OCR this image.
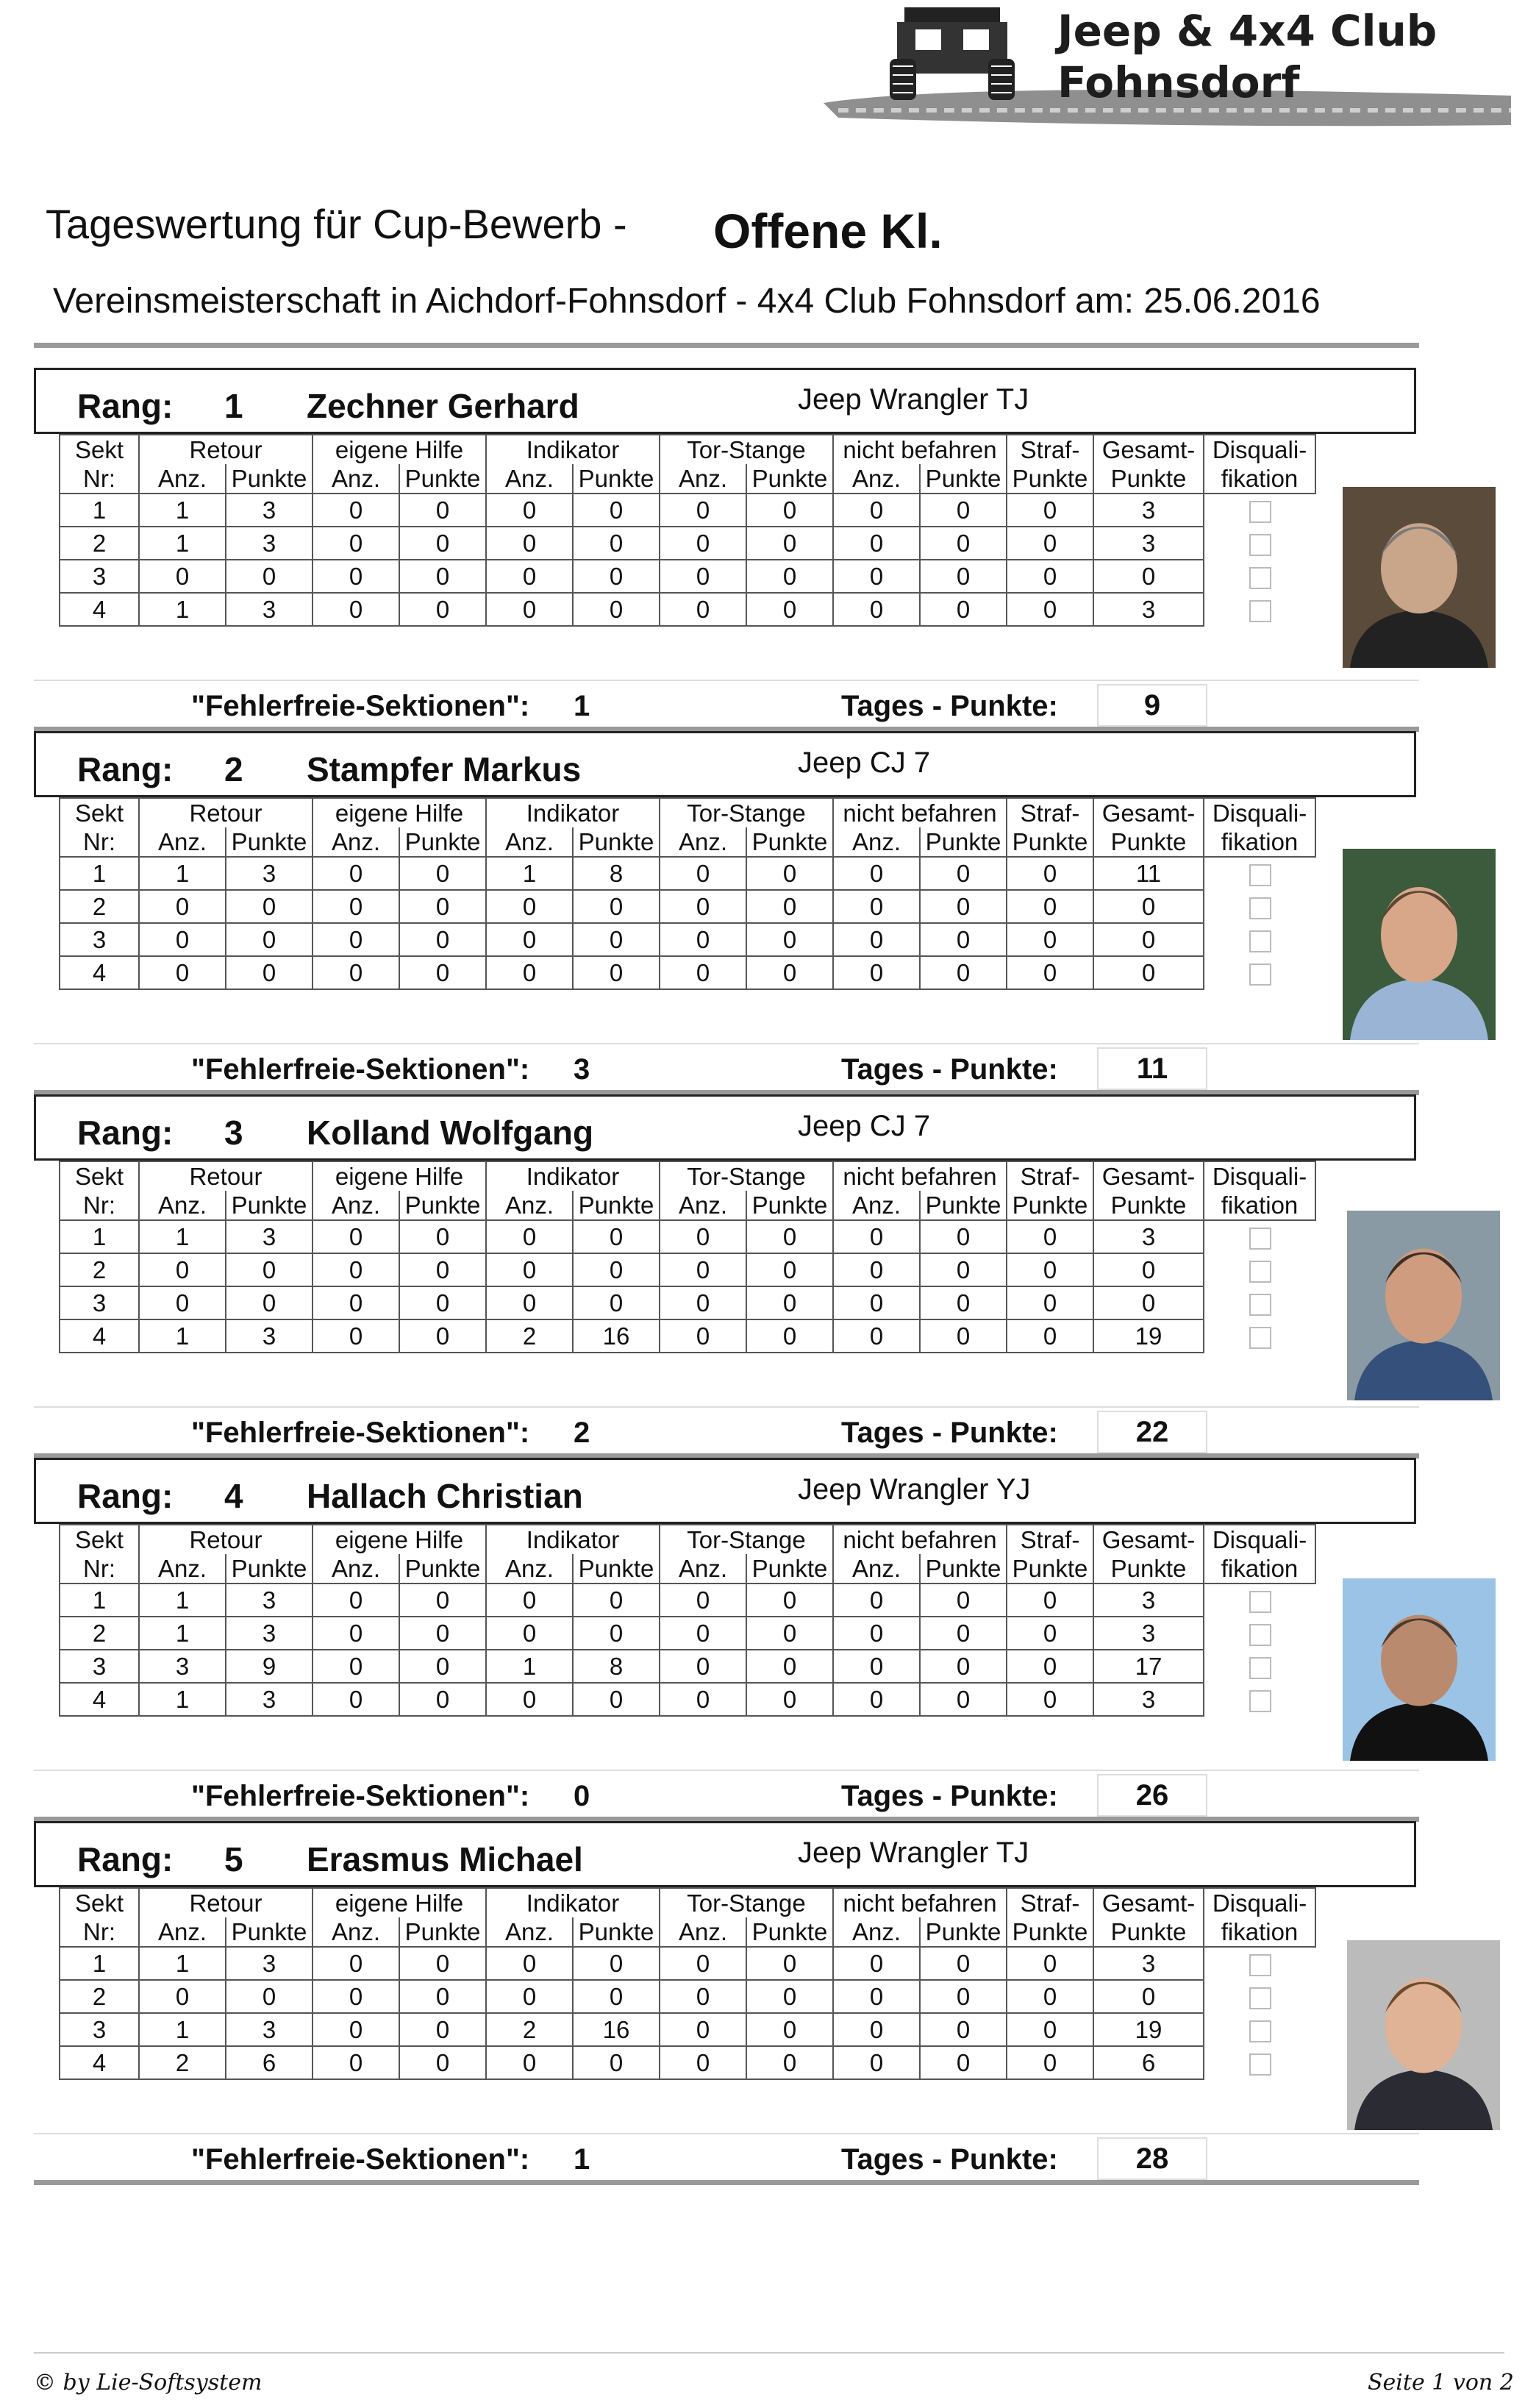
Jeep & 4x4 Club
Fohnsdorf
Tageswertung für Cup-Bewerb - Offene Kl.
Vereinsmeisterschaft in Aichdorf-Fohnsdorf - 4x4 Club Fohnsdorf am: 25.06.2016
Rang: 1 Zechner Gerhard	Jeep Wrangler TJ
Sekt	Retour		eigene Hilfe		Indikator		Tor-Stange		nicht befahren		Straf-	Gesamt-	Disquali-
Nr:	Anz.	Punkte	Anz.	Punkte	Anz.	Punkte	Anz.	Punkte	Anz.	Punkte	Punkte	Punkte	fikation
1	1	3	0	0	0	0	0	0	0	0	0	3	
2	1	3	0	0	0	0	0	0	0	0	0	3	
3	0	0	0	0	0	0	0	0	0	0	0	0	
4	1	3	0	0	0	0	0	0	0	0	0	3	
"Fehlerfreie-Sektionen": 1	Tages - Punkte:	9
Rang: 2 Stampfer Markus	Jeep CJ 7
Sekt	Retour		eigene Hilfe		Indikator		Tor-Stange		nicht befahren		Straf-	Gesamt-	Disquali-
Nr:	Anz.	Punkte	Anz.	Punkte	Anz.	Punkte	Anz.	Punkte	Anz.	Punkte	Punkte	Punkte	fikation
1	1	3	0	0	1	8	0	0	0	0	0	11	
2	0	0	0	0	0	0	0	0	0	0	0	0	
3	0	0	0	0	0	0	0	0	0	0	0	0	
4	0	0	0	0	0	0	0	0	0	0	0	0	
"Fehlerfreie-Sektionen": 3	Tages - Punkte:	11
Rang: 3 Kolland Wolfgang	Jeep CJ 7
Sekt	Retour		eigene Hilfe		Indikator		Tor-Stange		nicht befahren		Straf-	Gesamt-	Disquali-
Nr:	Anz.	Punkte	Anz.	Punkte	Anz.	Punkte	Anz.	Punkte	Anz.	Punkte	Punkte	Punkte	fikation
1	1	3	0	0	0	0	0	0	0	0	0	3	
2	0	0	0	0	0	0	0	0	0	0	0	0	
3	0	0	0	0	0	0	0	0	0	0	0	0	
4	1	3	0	0	2	16	0	0	0	0	0	19	
"Fehlerfreie-Sektionen": 2	Tages - Punkte:	22
Rang: 4 Hallach Christian	Jeep Wrangler YJ
Sekt	Retour		eigene Hilfe		Indikator		Tor-Stange		nicht befahren		Straf-	Gesamt-	Disquali-
Nr:	Anz.	Punkte	Anz.	Punkte	Anz.	Punkte	Anz.	Punkte	Anz.	Punkte	Punkte	Punkte	fikation
1	1	3	0	0	0	0	0	0	0	0	0	3	
2	1	3	0	0	0	0	0	0	0	0	0	3	
3	3	9	0	0	1	8	0	0	0	0	0	17	
4	1	3	0	0	0	0	0	0	0	0	0	3	
"Fehlerfreie-Sektionen": 0	Tages - Punkte:	26
Rang: 5 Erasmus Michael	Jeep Wrangler TJ
Sekt	Retour		eigene Hilfe		Indikator		Tor-Stange		nicht befahren		Straf-	Gesamt-	Disquali-
Nr:	Anz.	Punkte	Anz.	Punkte	Anz.	Punkte	Anz.	Punkte	Anz.	Punkte	Punkte	Punkte	fikation
1	1	3	0	0	0	0	0	0	0	0	0	3	
2	0	0	0	0	0	0	0	0	0	0	0	0	
3	1	3	0	0	2	16	0	0	0	0	0	19	
4	2	6	0	0	0	0	0	0	0	0	0	6	
"Fehlerfreie-Sektionen": 1	Tages - Punkte:	28
© by Lie-Softsystem	Seite 1 von 2
